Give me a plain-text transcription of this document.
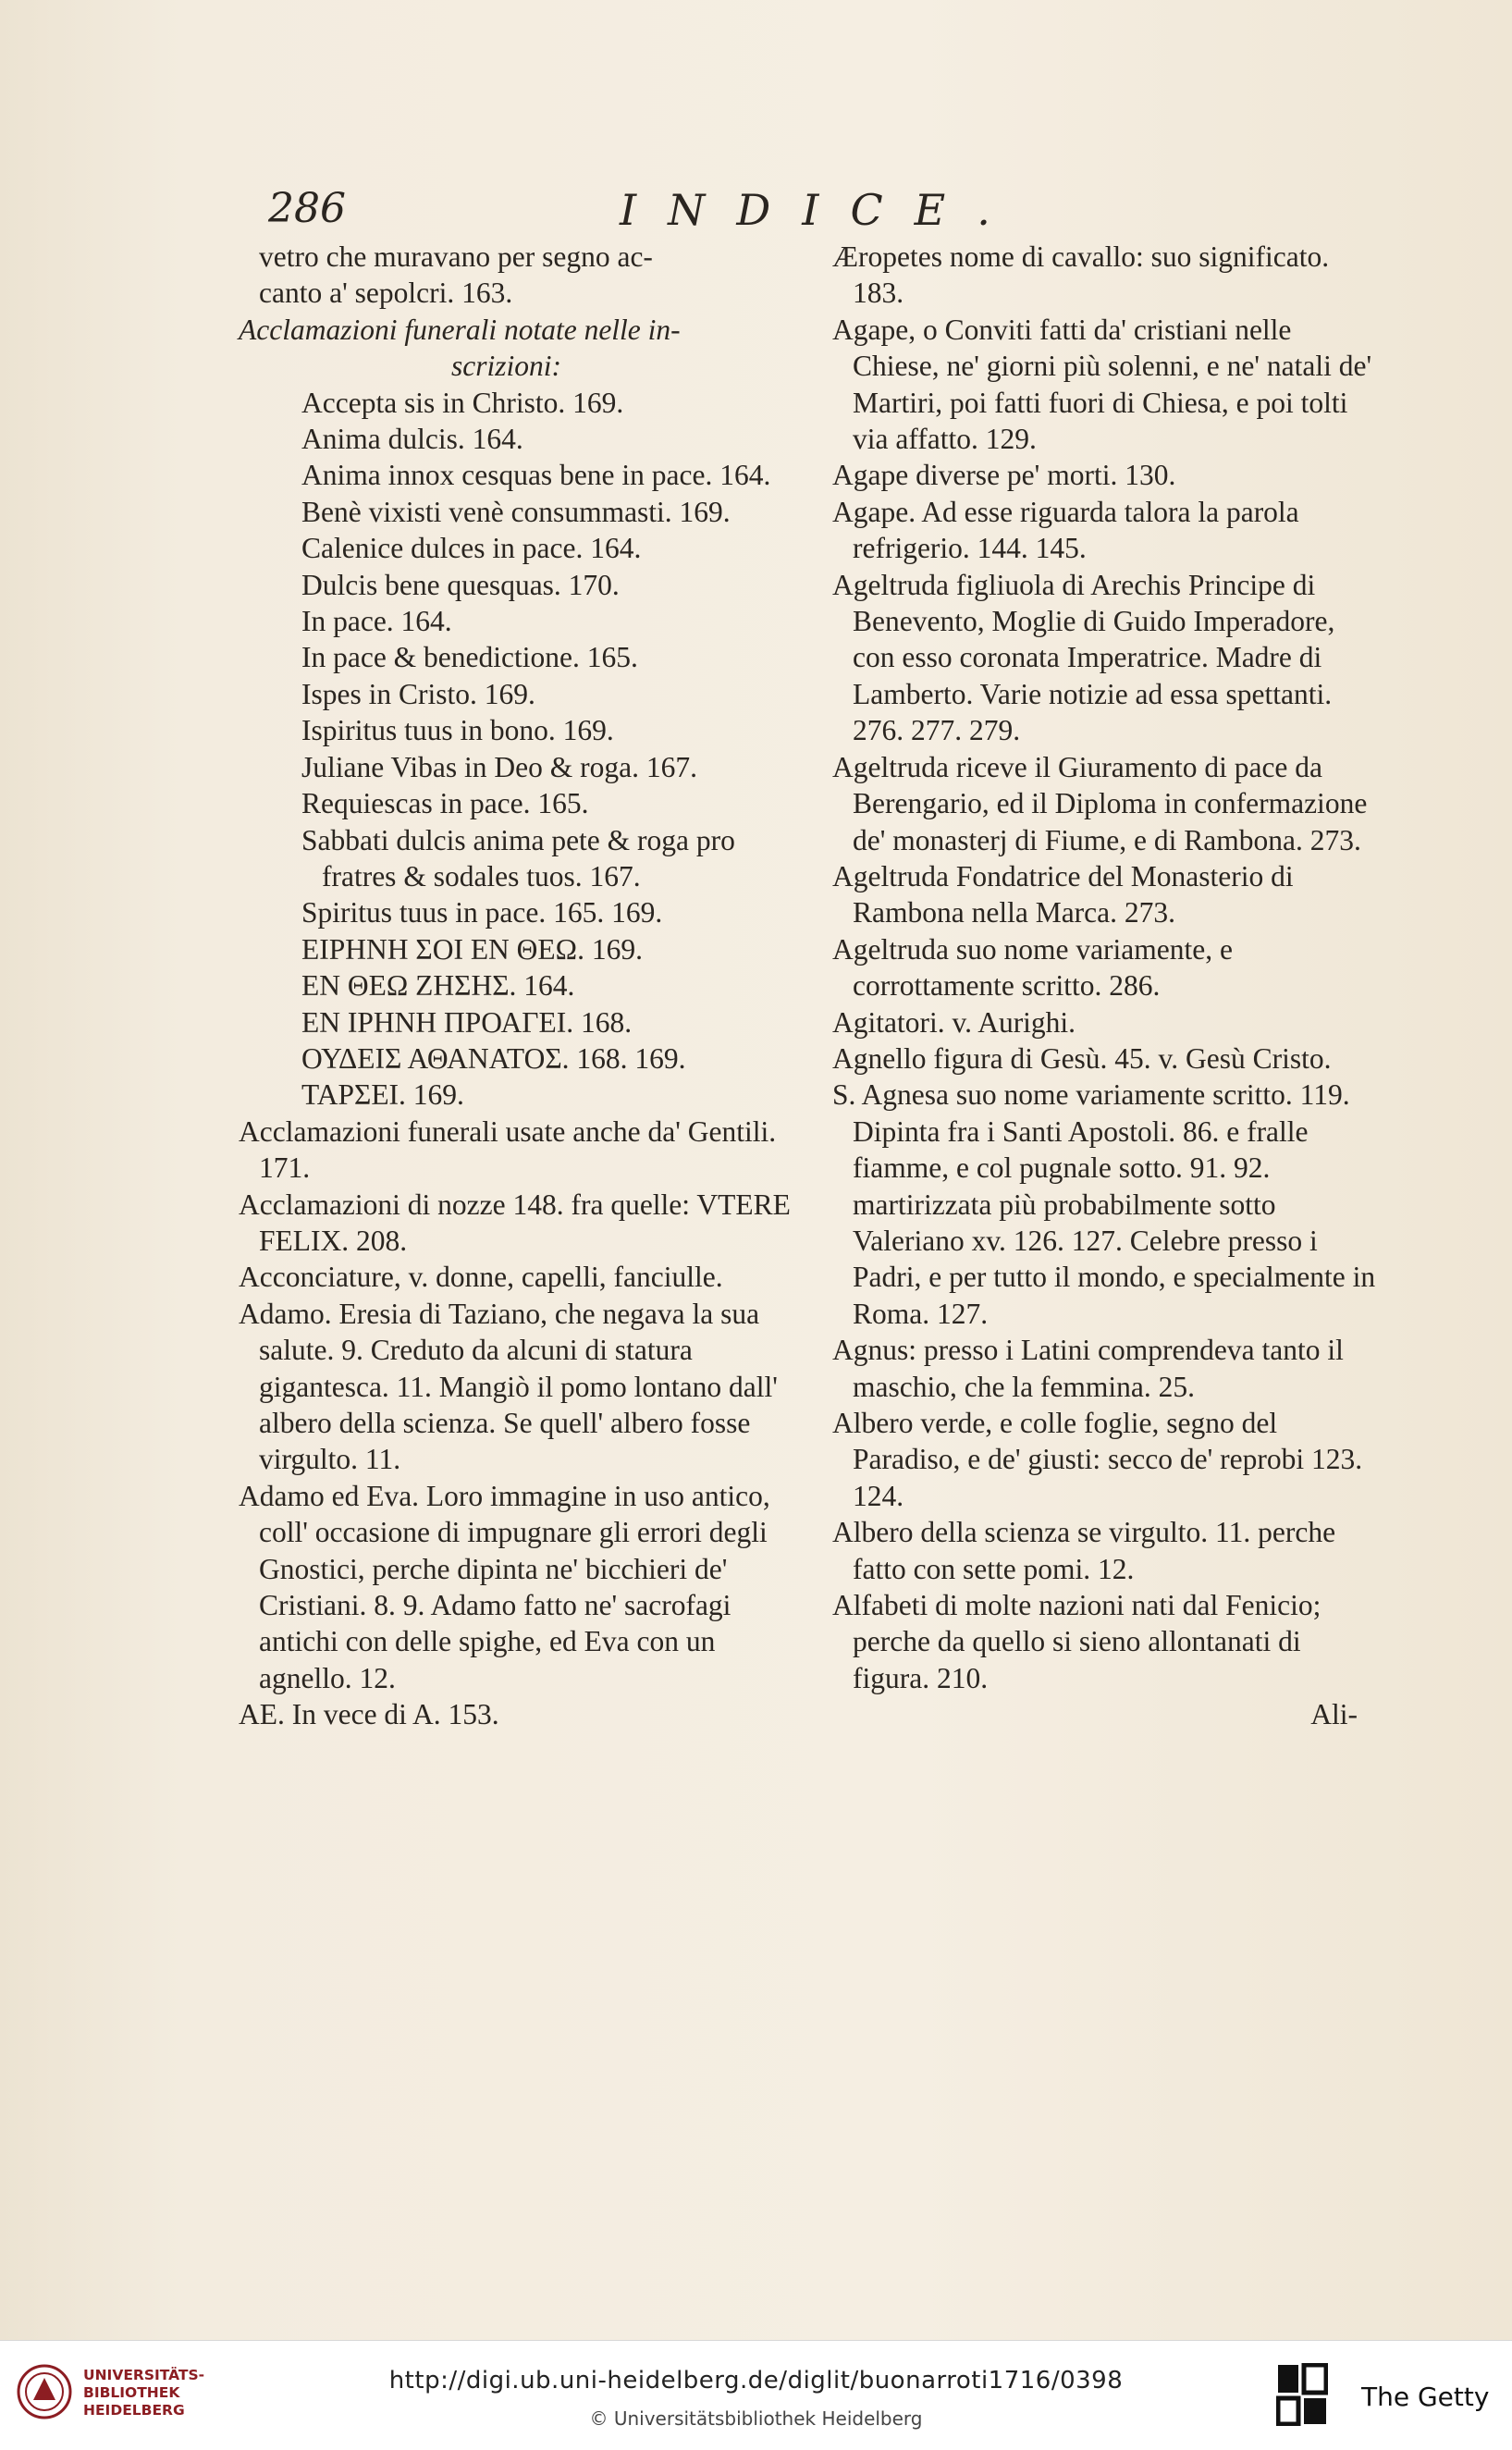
286	INDICE.

vetro che muravano per segno ac-

canto a' sepolcri. 163.

Acclamazioni funerali notate nelle in-

scrizioni:

Accepta sis in Christo. 169.

Anima dulcis. 164.

Anima innox cesquas bene in pace. 164.

Benè vixisti venè consummasti. 169.

Calenice dulces in pace. 164.

Dulcis bene quesquas. 170.

In pace. 164.

In pace & benedictione. 165.

Ispes in Cristo. 169.

Ispiritus tuus in bono. 169.

Juliane Vibas in Deo & roga. 167.

Requiescas in pace. 165.

Sabbati dulcis anima pete & roga pro fratres & sodales tuos. 167.

Spiritus tuus in pace. 165. 169.

ΕΙΡΗΝΗ ΣΟΙ ΕΝ ΘΕΩ. 169.

ΕΝ ΘΕΩ ΖΗΣΗΣ. 164.

ΕΝ ΙΡΗΝΗ ΠΡΟΑΓΕΙ. 168.

ΟΥΔΕΙΣ ΑΘΑΝΑΤΟΣ. 168. 169.

ΤΑΡΣΕΙ. 169.

Acclamazioni funerali usate anche da' Gentili. 171.

Acclamazioni di nozze 148. fra quelle: VTERE FELIX. 208.

Acconciature, v. donne, capelli, fanciulle.

Adamo. Eresia di Taziano, che negava la sua salute. 9. Creduto da alcuni di statura gigantesca. 11. Mangiò il pomo lontano dall' albero della scienza. Se quell' albero fosse virgulto. 11.

Adamo ed Eva. Loro immagine in uso antico, coll' occasione di impugnare gli errori degli Gnostici, perche dipinta ne' bicchieri de' Cristiani. 8. 9. Adamo fatto ne' sacrofagi antichi con delle spighe, ed Eva con un agnello. 12.

AE. In vece di A. 153.

Æropetes nome di cavallo: suo significato. 183.

Agape, o Conviti fatti da' cristiani nelle Chiese, ne' giorni più solenni, e ne' natali de' Martiri, poi fatti fuori di Chiesa, e poi tolti via affatto. 129.

Agape diverse pe' morti. 130.

Agape. Ad esse riguarda talora la parola refrigerio. 144. 145.

Ageltruda figliuola di Arechis Principe di Benevento, Moglie di Guido Imperadore, con esso coronata Imperatrice. Madre di Lamberto. Varie notizie ad essa spettanti. 276. 277. 279.

Ageltruda riceve il Giuramento di pace da Berengario, ed il Diploma in confermazione de' monasterj di Fiume, e di Rambona. 273.

Ageltruda Fondatrice del Monasterio di Rambona nella Marca. 273.

Ageltruda suo nome variamente, e corrottamente scritto. 286.

Agitatori. v. Aurighi.

Agnello figura di Gesù. 45. v. Gesù Cristo.

S. Agnesa suo nome variamente scritto. 119. Dipinta fra i Santi Apostoli. 86. e fralle fiamme, e col pugnale sotto. 91. 92. martirizzata più probabilmente sotto Valeriano xv. 126. 127. Celebre presso i Padri, e per tutto il mondo, e specialmente in Roma. 127.

Agnus: presso i Latini comprendeva tanto il maschio, che la femmina. 25.

Albero verde, e colle foglie, segno del Paradiso, e de' giusti: secco de' reprobi 123. 124.

Albero della scienza se virgulto. 11. perche fatto con sette pomi. 12.

Alfabeti di molte nazioni nati dal Fenicio; perche da quello si sieno allontanati di figura. 210.

Ali-

UNIVERSITÄTS-
BIBLIOTHEK
HEIDELBERG
http://digi.ub.uni-heidelberg.de/diglit/buonarroti1716/0398
© Universitätsbibliothek Heidelberg
The Getty
